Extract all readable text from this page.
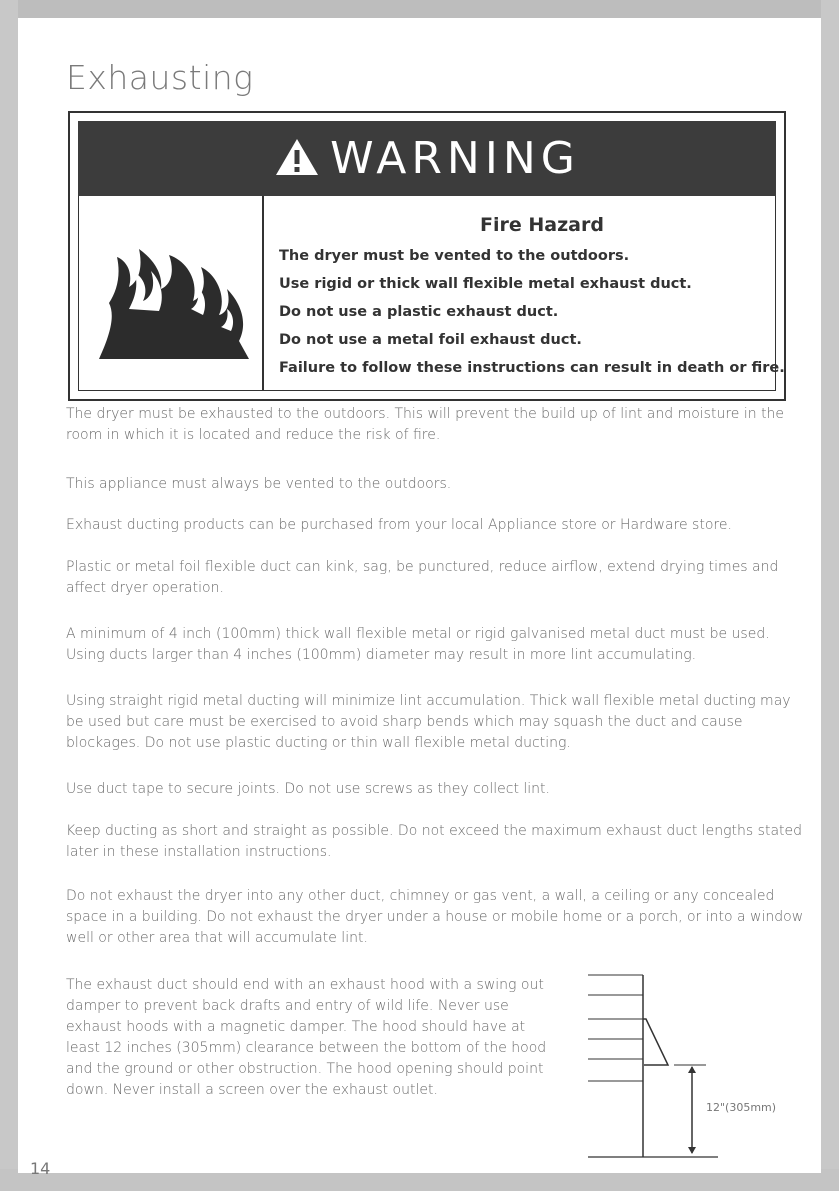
Exhausting
WARNING
Fire Hazard
The dryer must be vented to the outdoors.
Use rigid or thick wall flexible metal exhaust duct.
Do not use a plastic exhaust duct.
Do not use a metal foil exhaust duct.
Failure to follow these instructions can result in death or fire.
The dryer must be exhausted to the outdoors. This will prevent the build up of lint and moisture in the room in which it is located and reduce the risk of fire.
This appliance must always be vented to the outdoors.
Exhaust ducting products can be purchased from your local Appliance store or Hardware store.
Plastic or metal foil flexible duct can kink, sag, be punctured, reduce airflow, extend drying times and affect dryer operation.
A minimum of 4 inch (100mm) thick wall flexible metal or rigid galvanised metal duct must be used. Using ducts larger than 4 inches (100mm) diameter may result in more lint accumulating.
Using straight rigid metal ducting will minimize lint accumulation. Thick wall flexible metal ducting may be used but care must be exercised to avoid sharp bends which may squash the duct and cause blockages. Do not use plastic ducting or thin wall flexible metal ducting.
Use duct tape to secure joints. Do not use screws as they collect lint.
Keep ducting as short and straight as possible. Do not exceed the maximum exhaust duct lengths stated later in these installation instructions.
Do not exhaust the dryer into any other duct, chimney or gas vent, a wall, a ceiling or any concealed space in a building. Do not exhaust the dryer under a house or mobile home or a porch, or into a window well or other area that will accumulate lint.
The exhaust duct should end with an exhaust hood with a swing out damper to prevent back drafts and entry of wild life. Never use exhaust hoods with a magnetic damper. The hood should have at least 12 inches (305mm) clearance between the bottom of the hood and the ground or other obstruction. The hood opening should point down. Never install a screen over the exhaust outlet.
12"(305mm)
14
